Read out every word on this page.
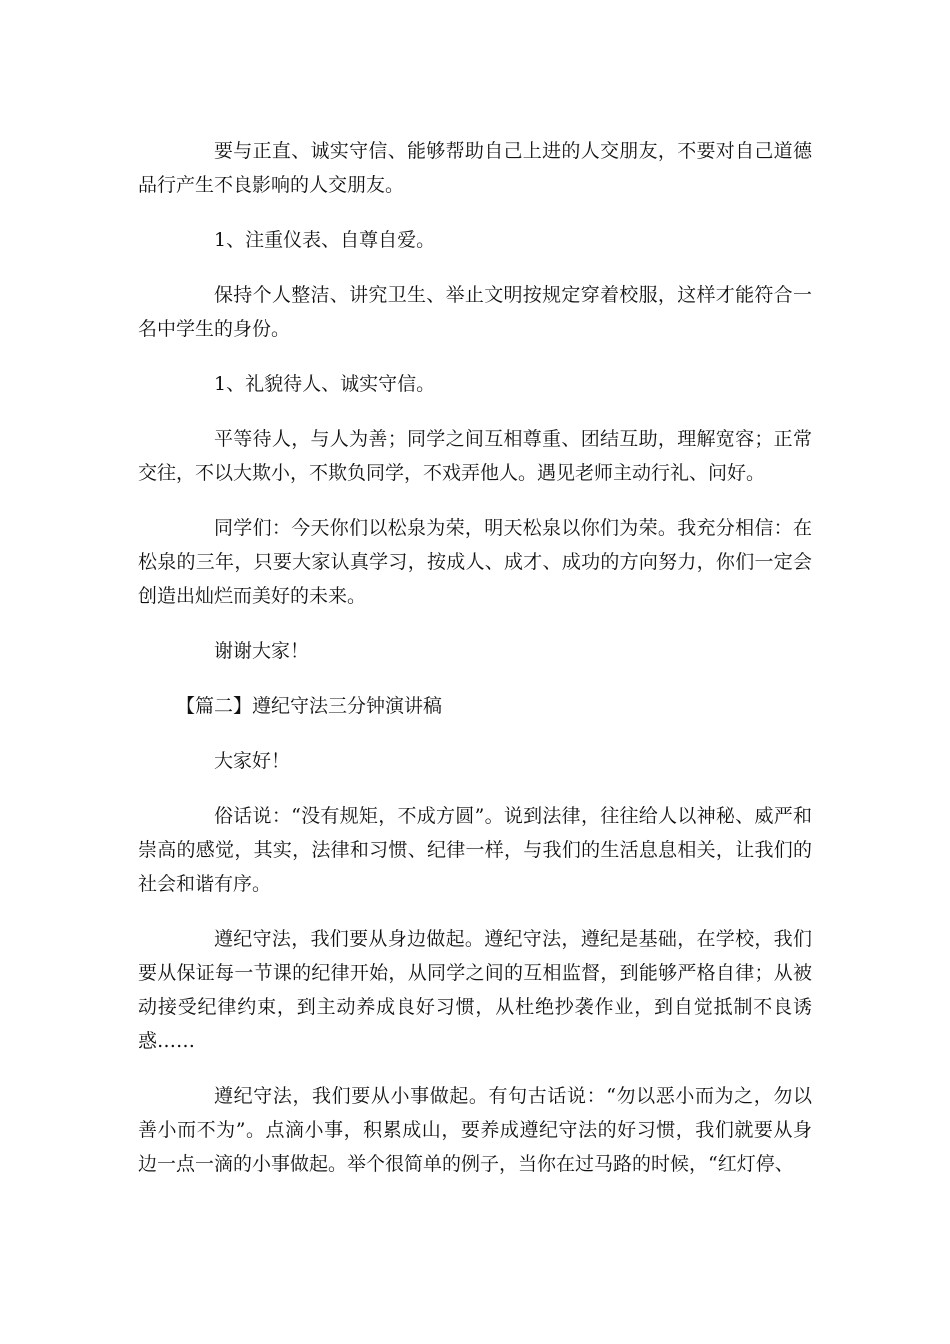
要与正直、诚实守信、能够帮助自己上进的人交朋友，不要对自己道德品行产生不良影响的人交朋友。

1、注重仪表、自尊自爱。

保持个人整洁、讲究卫生、举止文明按规定穿着校服，这样才能符合一名中学生的身份。

1、礼貌待人、诚实守信。

平等待人，与人为善；同学之间互相尊重、团结互助，理解宽容；正常交往，不以大欺小，不欺负同学，不戏弄他人。遇见老师主动行礼、问好。

同学们：今天你们以松泉为荣，明天松泉以你们为荣。我充分相信：在松泉的三年，只要大家认真学习，按成人、成才、成功的方向努力，你们一定会创造出灿烂而美好的未来。

谢谢大家！

【篇二】遵纪守法三分钟演讲稿

大家好！

俗话说：“没有规矩，不成方圆”。说到法律，往往给人以神秘、威严和崇高的感觉，其实，法律和习惯、纪律一样，与我们的生活息息相关，让我们的社会和谐有序。

遵纪守法，我们要从身边做起。遵纪守法，遵纪是基础，在学校，我们要从保证每一节课的纪律开始，从同学之间的互相监督，到能够严格自律；从被动接受纪律约束，到主动养成良好习惯，从杜绝抄袭作业，到自觉抵制不良诱惑……

遵纪守法，我们要从小事做起。有句古话说：“勿以恶小而为之，勿以善小而不为”。点滴小事，积累成山，要养成遵纪守法的好习惯，我们就要从身边一点一滴的小事做起。举个很简单的例子，当你在过马路的时候，“红灯停、
